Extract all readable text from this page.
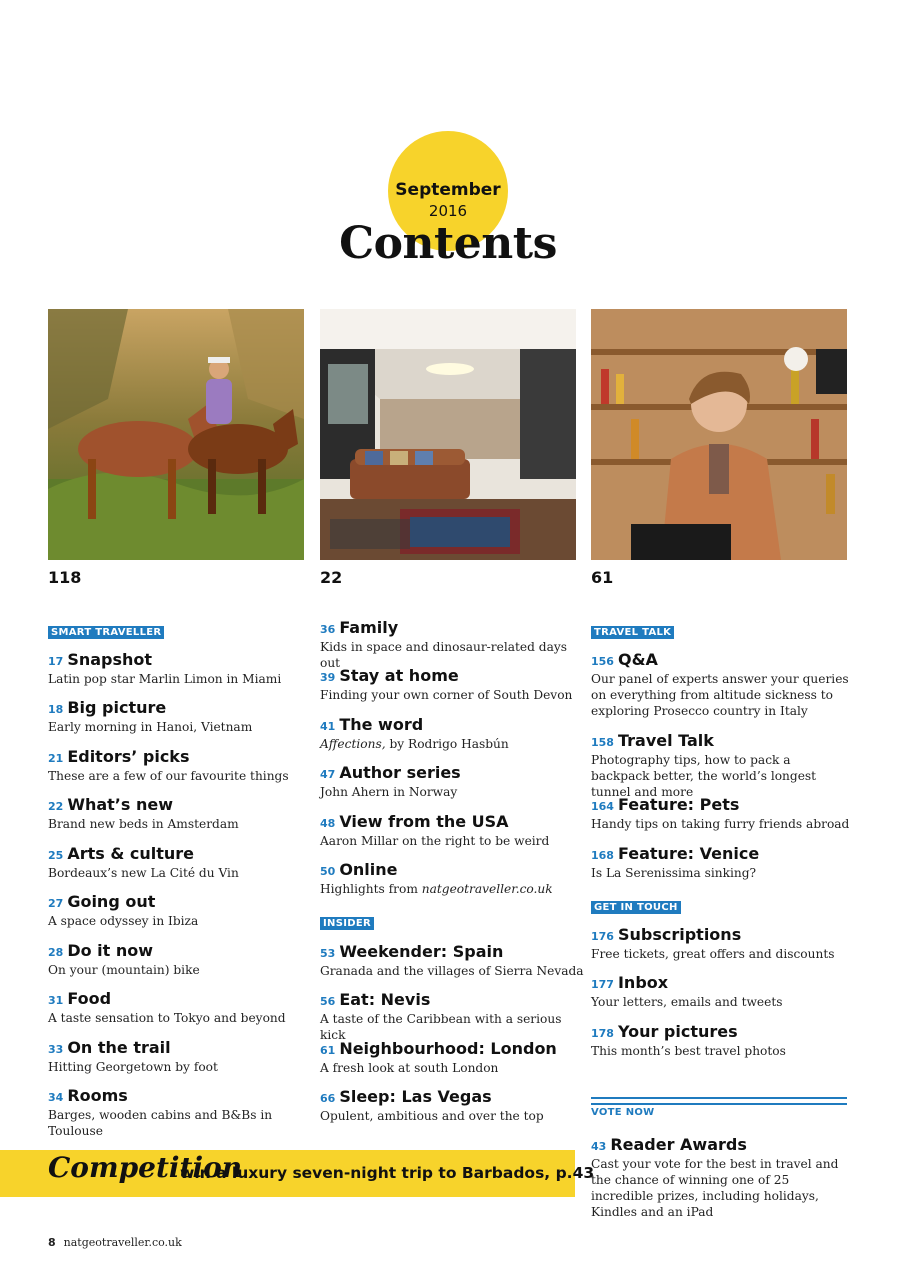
September
2016
Contents
118	22	61
SMART TRAVELLER
17 Snapshot
Latin pop star Marlin Limon in Miami
18 Big picture
Early morning in Hanoi, Vietnam
21 Editors’ picks
These are a few of our favourite things
22 What’s new
Brand new beds in Amsterdam
25 Arts & culture
Bordeaux’s new La Cité du Vin
27 Going out
A space odyssey in Ibiza
28 Do it now
On your (mountain) bike
31 Food
A taste sensation to Tokyo and beyond
33 On the trail
Hitting Georgetown by foot
34 Rooms
Barges, wooden cabins and B&Bs in Toulouse
36 Family
Kids in space and dinosaur-related days out
39 Stay at home
Finding your own corner of South Devon
41 The word
Affections, by Rodrigo Hasbún
47 Author series
John Ahern in Norway
48 View from the USA
Aaron Millar on the right to be weird
50 Online
Highlights from natgeotraveller.co.uk
INSIDER
53 Weekender: Spain
Granada and the villages of Sierra Nevada
56 Eat: Nevis
A taste of the Caribbean with a serious kick
61 Neighbourhood: London
A fresh look at south London
66 Sleep: Las Vegas
Opulent, ambitious and over the top
TRAVEL TALK
156 Q&A
Our panel of experts answer your queries on everything from altitude sickness to exploring Prosecco country in Italy
158 Travel Talk
Photography tips, how to pack a backpack better, the world’s longest tunnel and more
164 Feature: Pets
Handy tips on taking furry friends abroad
168 Feature: Venice
Is La Serenissima sinking?
GET IN TOUCH
176 Subscriptions
Free tickets, great offers and discounts
177 Inbox
Your letters, emails and tweets
178 Your pictures
This month’s best travel photos
VOTE NOW
43 Reader Awards
Cast your vote for the best in travel and the chance of winning one of 25 incredible prizes, including holidays, Kindles and an iPad
Competition
win a luxury seven-night trip to Barbados, p.43
8 natgeotraveller.co.uk
